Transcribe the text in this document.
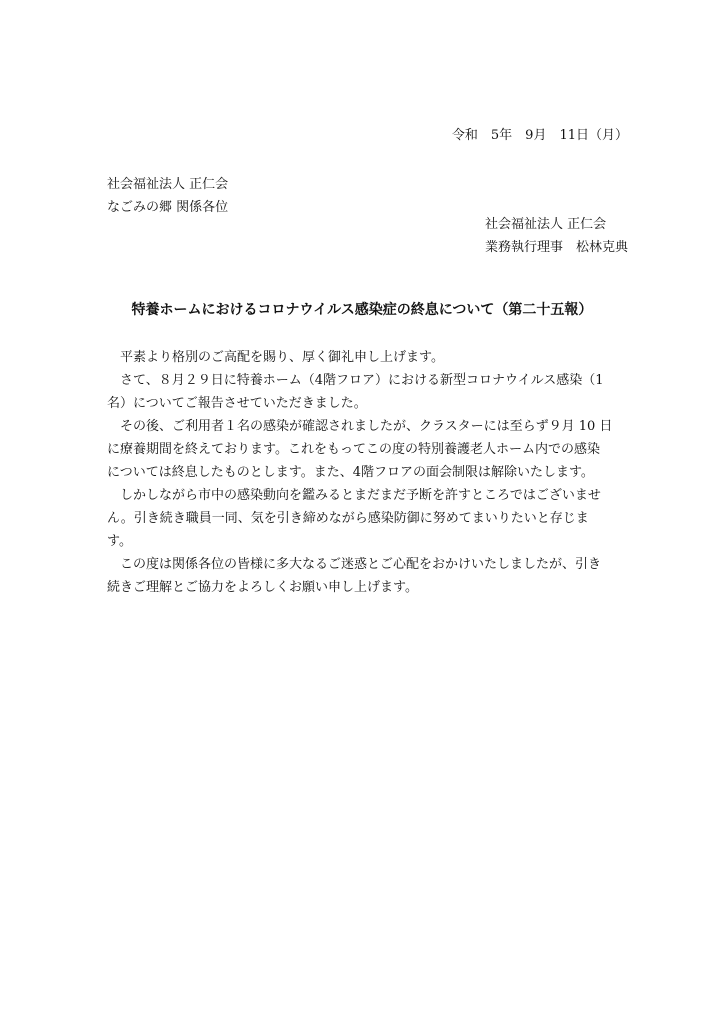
令和　5年　9月　11日（月）
社会福祉法人 正仁会
なごみの郷 関係各位
社会福祉法人 正仁会
業務執行理事　松林克典
特養ホームにおけるコロナウイルス感染症の終息について（第二十五報）
　平素より格別のご高配を賜り、厚く御礼申し上げます。
　さて、８月２９日に特養ホーム（4階フロア）における新型コロナウイルス感染（1
名）についてご報告させていただきました。
　その後、ご利用者１名の感染が確認されましたが、クラスターには至らず９月 10 日
に療養期間を終えております。これをもってこの度の特別養護老人ホーム内での感染
については終息したものとします。また、4階フロアの面会制限は解除いたします。
　しかしながら市中の感染動向を鑑みるとまだまだ予断を許すところではございませ
ん。引き続き職員一同、気を引き締めながら感染防御に努めてまいりたいと存じま
す。
　この度は関係各位の皆様に多大なるご迷惑とご心配をおかけいたしましたが、引き
続きご理解とご協力をよろしくお願い申し上げます。
